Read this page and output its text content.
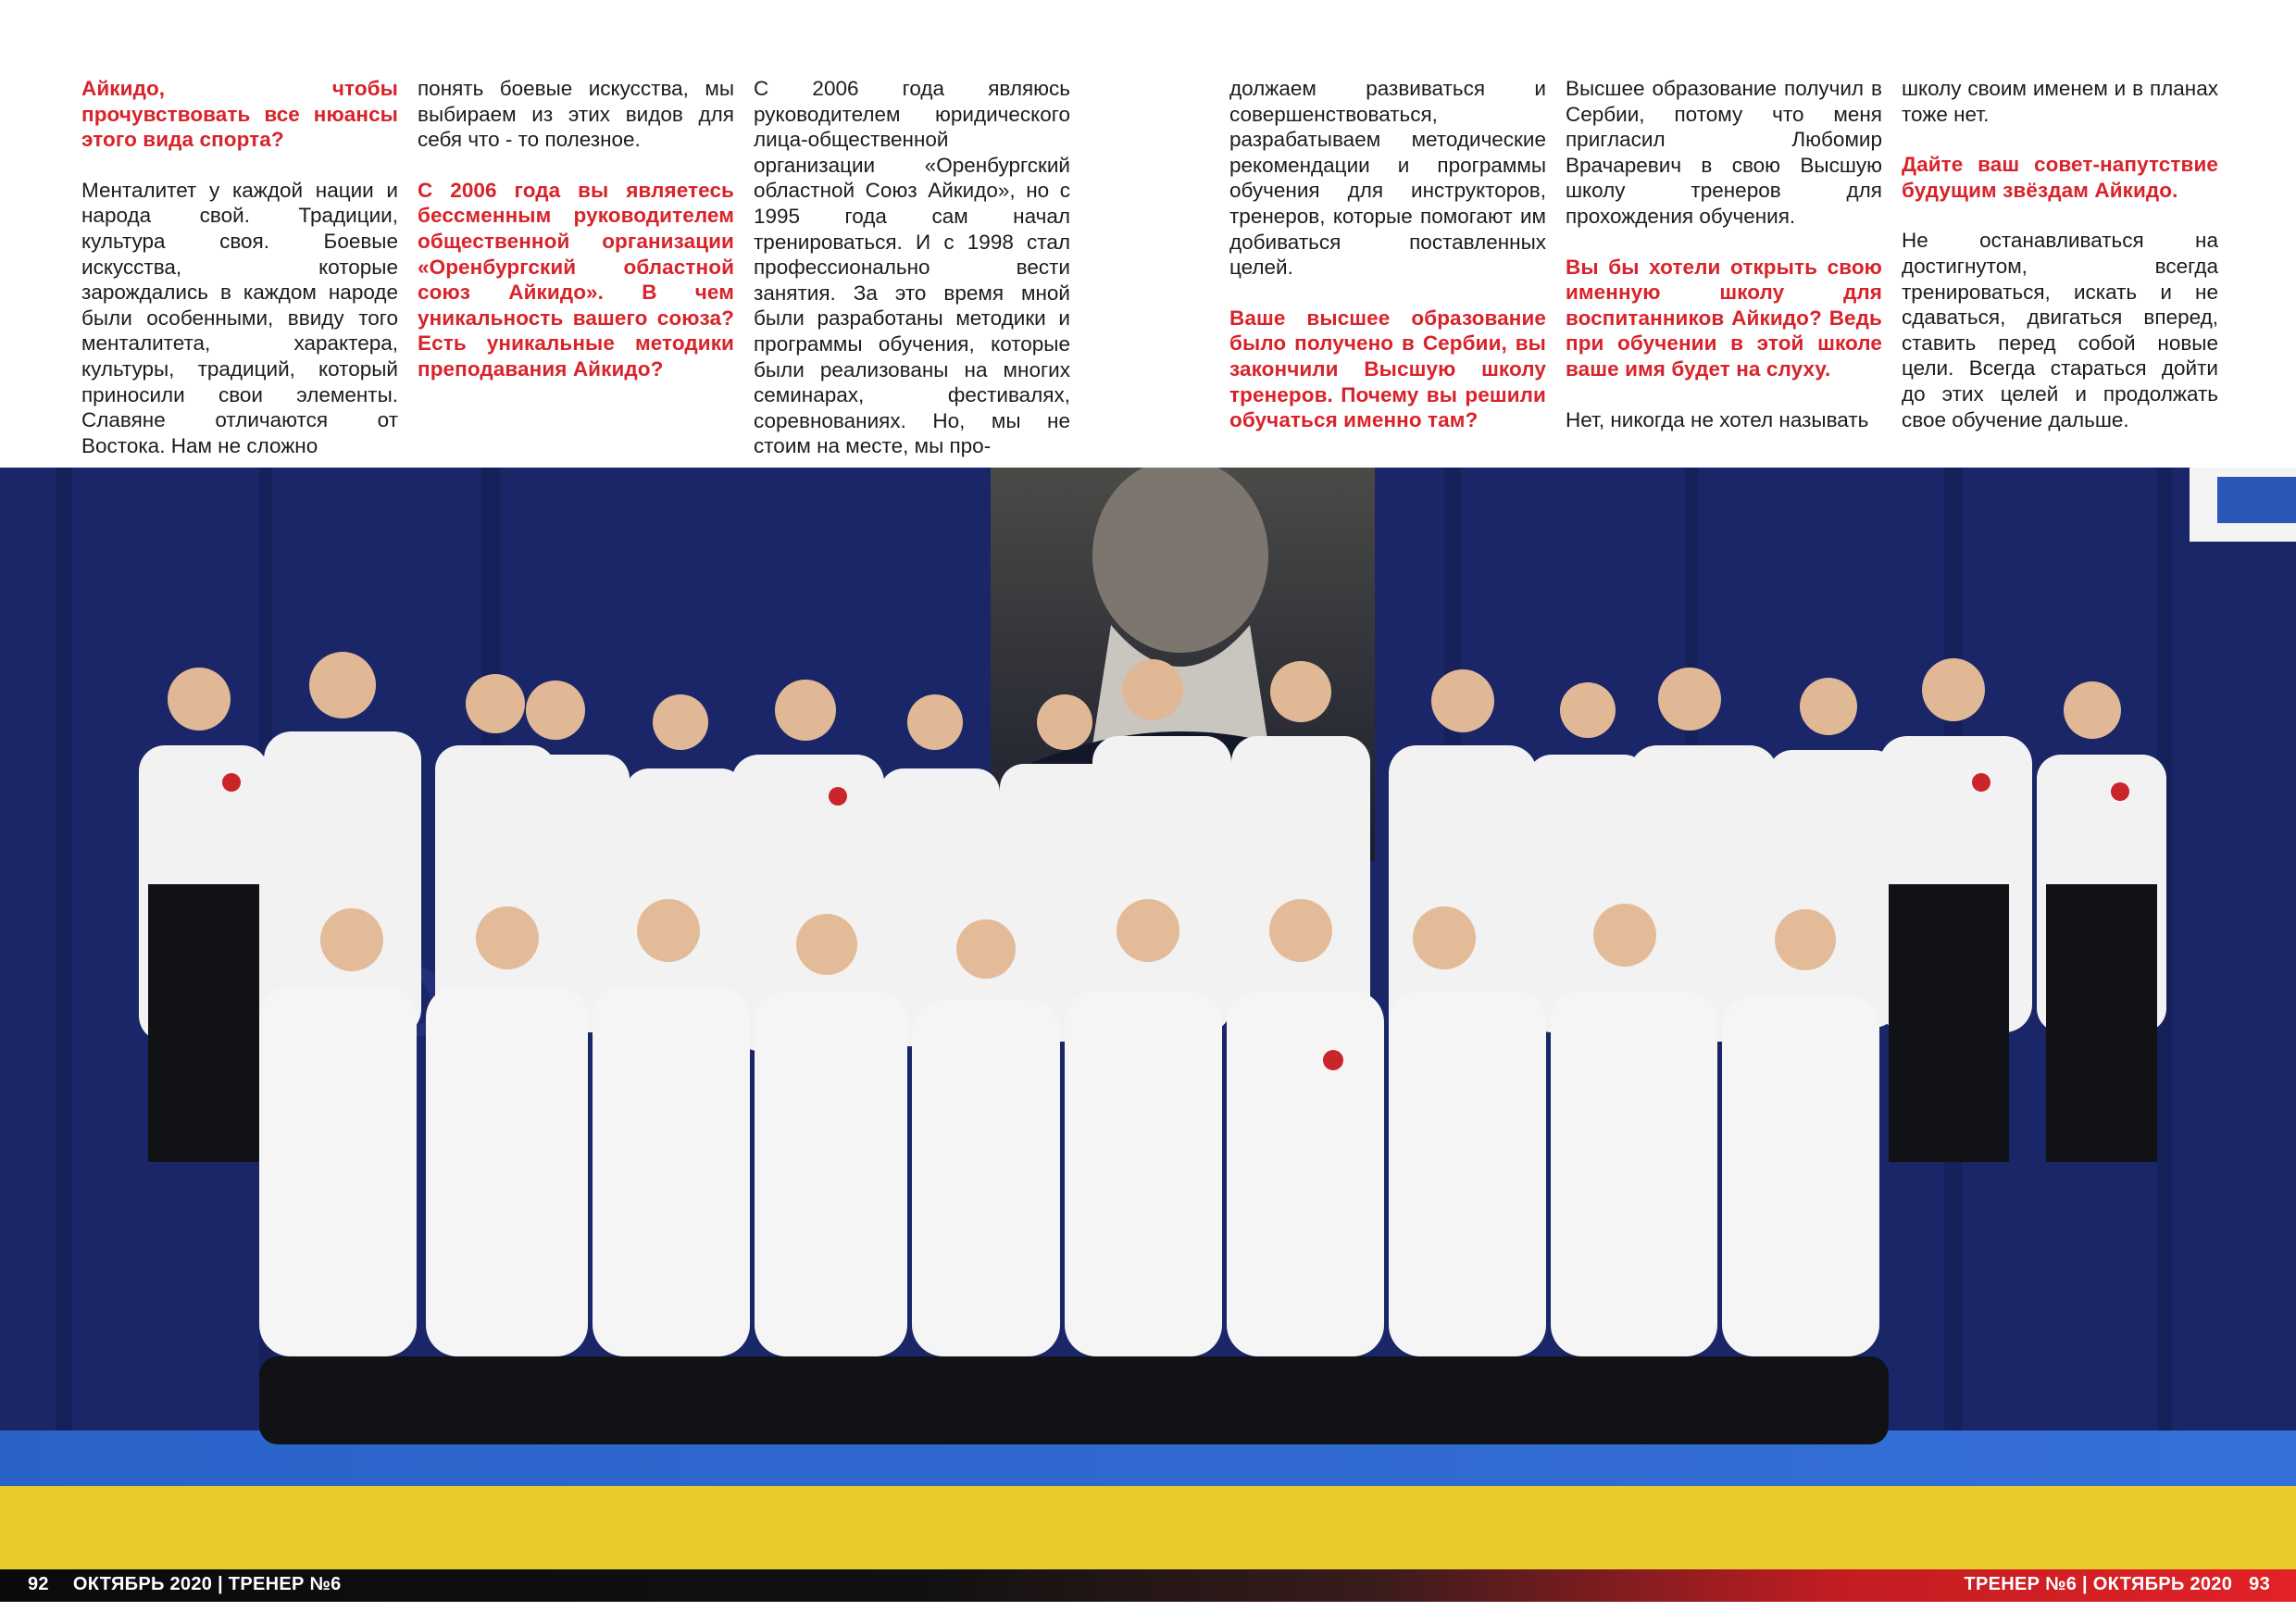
Айкидо, чтобы прочувствовать все нюансы этого вида спорта?

Менталитет у каждой нации и народа свой. Традиции, культура своя. Боевые искусства, которые зарождались в каждом народе были особенными, ввиду того менталитета, характера, культуры, традиций, который приносили свои элементы. Славяне отличаются от Востока. Нам не сложно

понять боевые искусства, мы выбираем из этих видов для себя что - то полезное.

С 2006 года вы являетесь бессменным руководителем общественной организации «Оренбургский областной союз Айкидо». В чем уникальность вашего союза? Есть уникальные методики преподавания Айкидо?

С 2006 года являюсь руководителем юридического лица-общественной организации «Оренбургский областной Союз Айкидо», но с 1995 года сам начал тренироваться. И с 1998 стал профессионально вести занятия. За это время мной были разработаны методики и программы обучения, которые были реализованы на многих семинарах, фестивалях, соревнованиях. Но, мы не стоим на месте, мы про-

должаем развиваться и совершенствоваться, разрабатываем методические рекомендации и программы обучения для инструкторов, тренеров, которые помогают им добиваться поставленных целей.

Ваше высшее образование было получено в Сербии, вы закончили Высшую школу тренеров. Почему вы решили обучаться именно там?

Высшее образование получил в Сербии, потому что меня пригласил Любомир Врачаревич в свою Высшую школу тренеров для прохождения обучения.

Вы бы хотели открыть свою именную школу для воспитанников Айкидо? Ведь при обучении в этой школе ваше имя будет на слуху.

Нет, никогда не хотел называть

школу своим именем и в планах тоже нет.

Дайте ваш совет-напутствие будущим звёздам Айкидо.

Не останавливаться на достигнутом, всегда тренироваться, искать и не сдаваться, двигаться вперед, ставить перед собой новые цели. Всегда стараться дойти до этих целей и продолжать свое обучение дальше.

92 ОКТЯБРЬ 2020 | ТРЕНЕР №6	ТРЕНЕР №6 | ОКТЯБРЬ 2020 93
